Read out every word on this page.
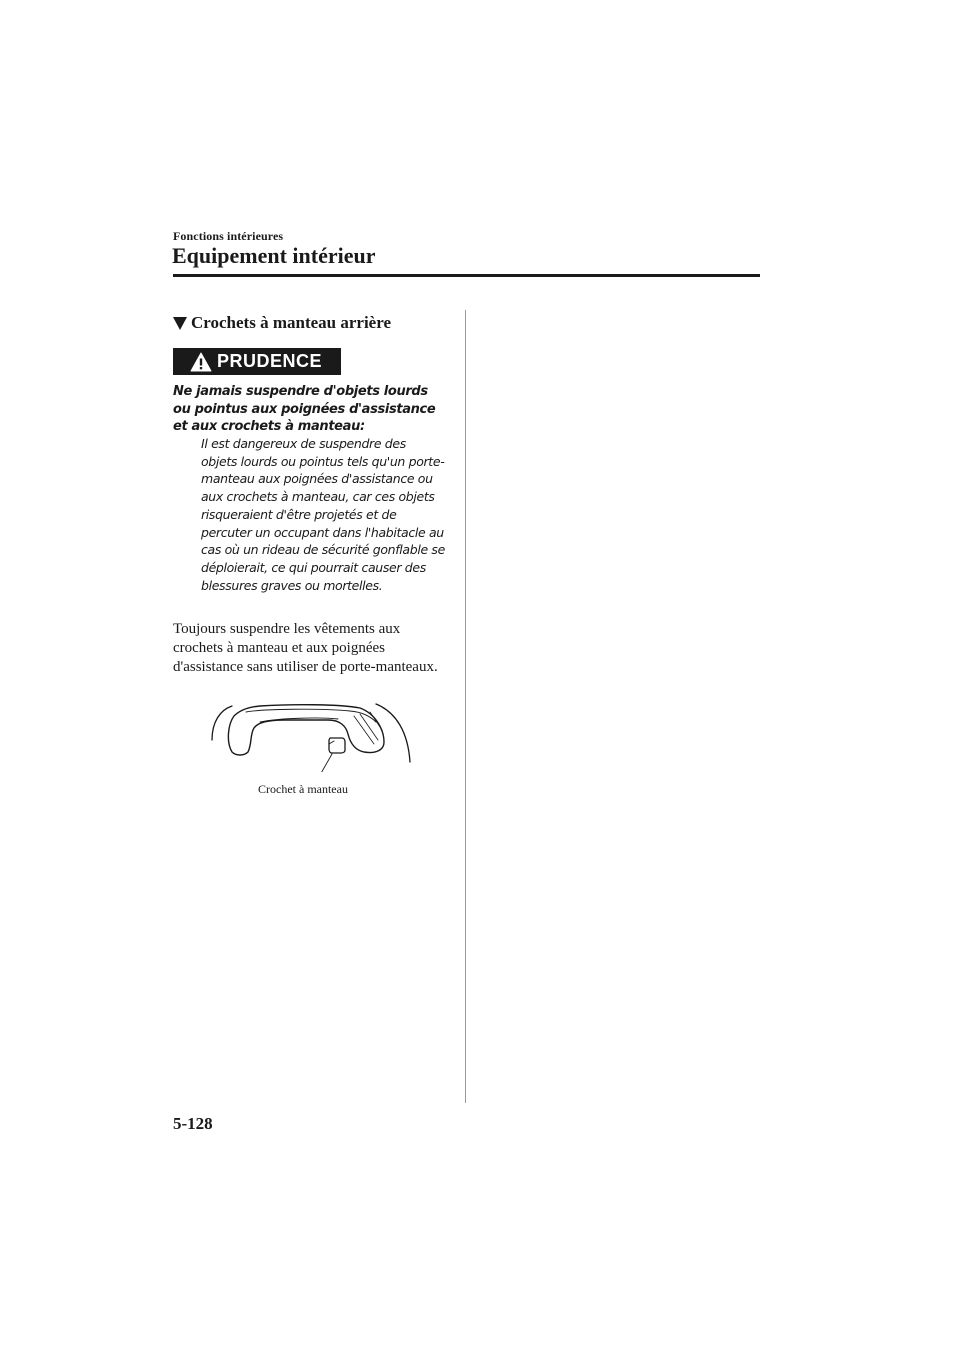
Fonctions intérieures
Equipement intérieur
Crochets à manteau arrière
PRUDENCE

Ne jamais suspendre d'objets lourds ou pointus aux poignées d'assistance et aux crochets à manteau:

Il est dangereux de suspendre des objets lourds ou pointus tels qu'un porte-manteau aux poignées d'assistance ou aux crochets à manteau, car ces objets risqueraient d'être projetés et de percuter un occupant dans l'habitacle au cas où un rideau de sécurité gonflable se déploierait, ce qui pourrait causer des blessures graves ou mortelles.

Toujours suspendre les vêtements aux crochets à manteau et aux poignées d'assistance sans utiliser de porte-manteaux.

Crochet à manteau
5-128
